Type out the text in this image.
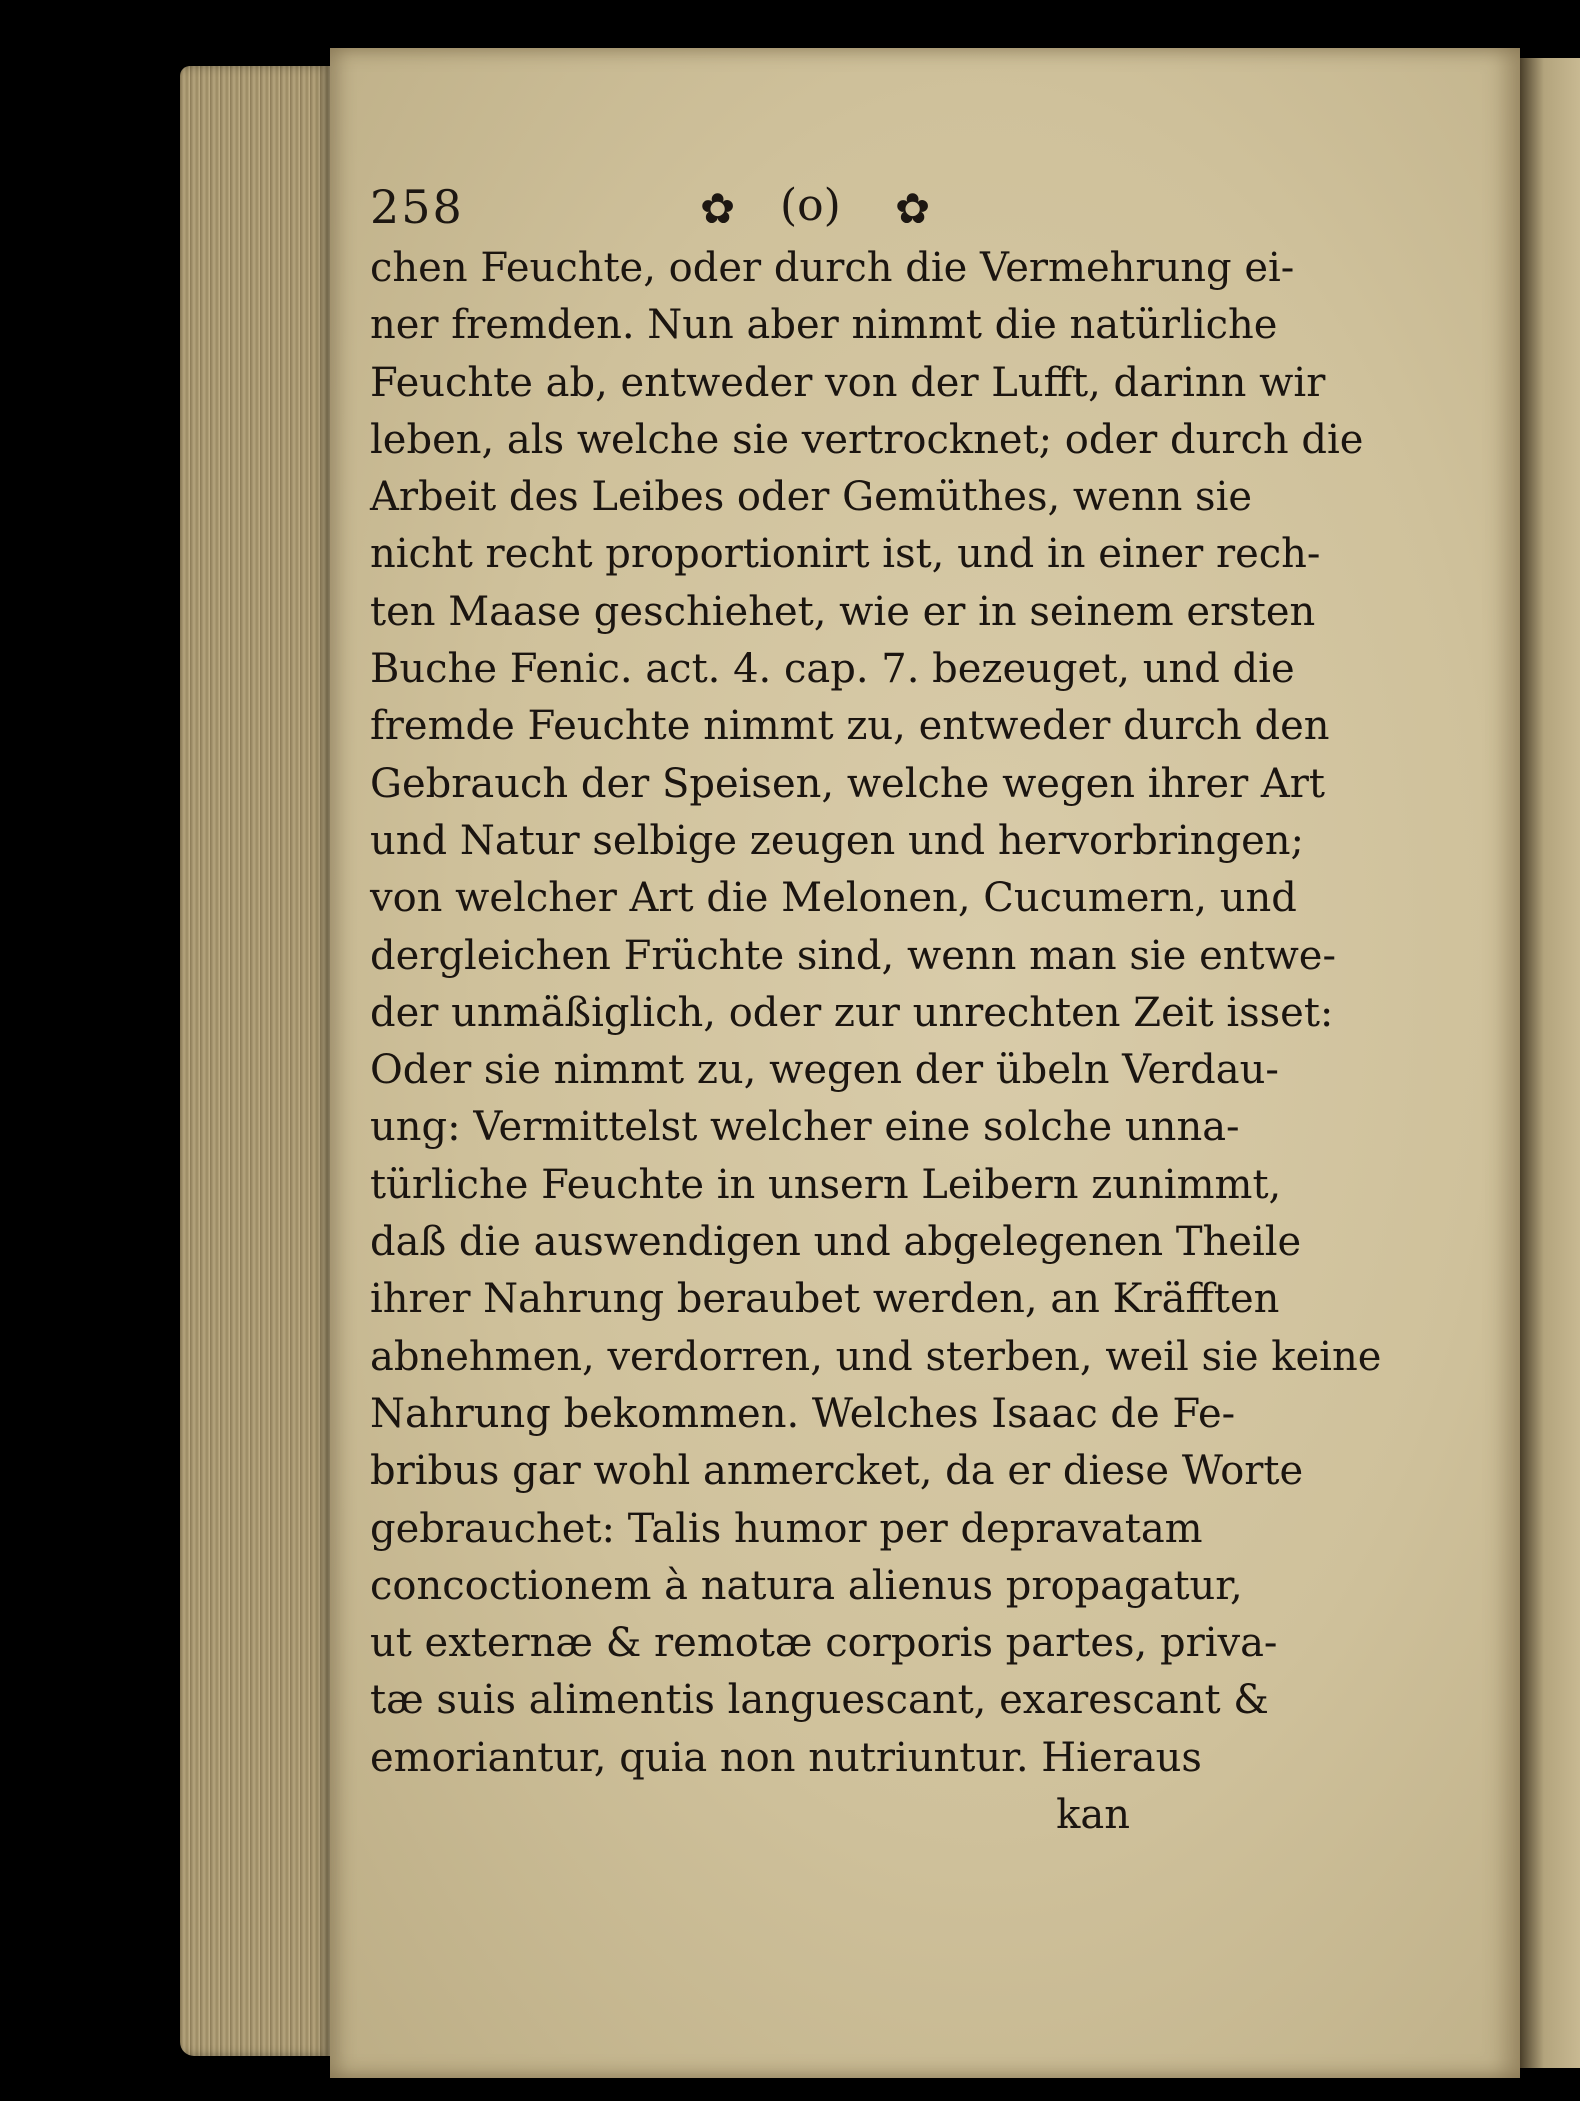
258	✿ (o) ✿
chen Feuchte, oder durch die Vermehrung ei-
ner fremden. Nun aber nimmt die natürliche
Feuchte ab, entweder von der Lufft, darinn wir
leben, als welche sie vertrocknet; oder durch die
Arbeit des Leibes oder Gemüthes, wenn sie
nicht recht proportionirt ist, und in einer rech-
ten Maase geschiehet, wie er in seinem ersten
Buche Fenic. act. 4. cap. 7. bezeuget, und die
fremde Feuchte nimmt zu, entweder durch den
Gebrauch der Speisen, welche wegen ihrer Art
und Natur selbige zeugen und hervorbringen;
von welcher Art die Melonen, Cucumern, und
dergleichen Früchte sind, wenn man sie entwe-
der unmäßiglich, oder zur unrechten Zeit isset:
Oder sie nimmt zu, wegen der übeln Verdau-
ung: Vermittelst welcher eine solche unna-
türliche Feuchte in unsern Leibern zunimmt,
daß die auswendigen und abgelegenen Theile
ihrer Nahrung beraubet werden, an Kräfften
abnehmen, verdorren, und sterben, weil sie keine
Nahrung bekommen. Welches Isaac de Fe-
bribus gar wohl anmercket, da er diese Worte
gebrauchet: Talis humor per depravatam
concoctionem à natura alienus propagatur,
ut externæ & remotæ corporis partes, priva-
tæ suis alimentis languescant, exarescant &
emoriantur, quia non nutriuntur. Hieraus
kan
